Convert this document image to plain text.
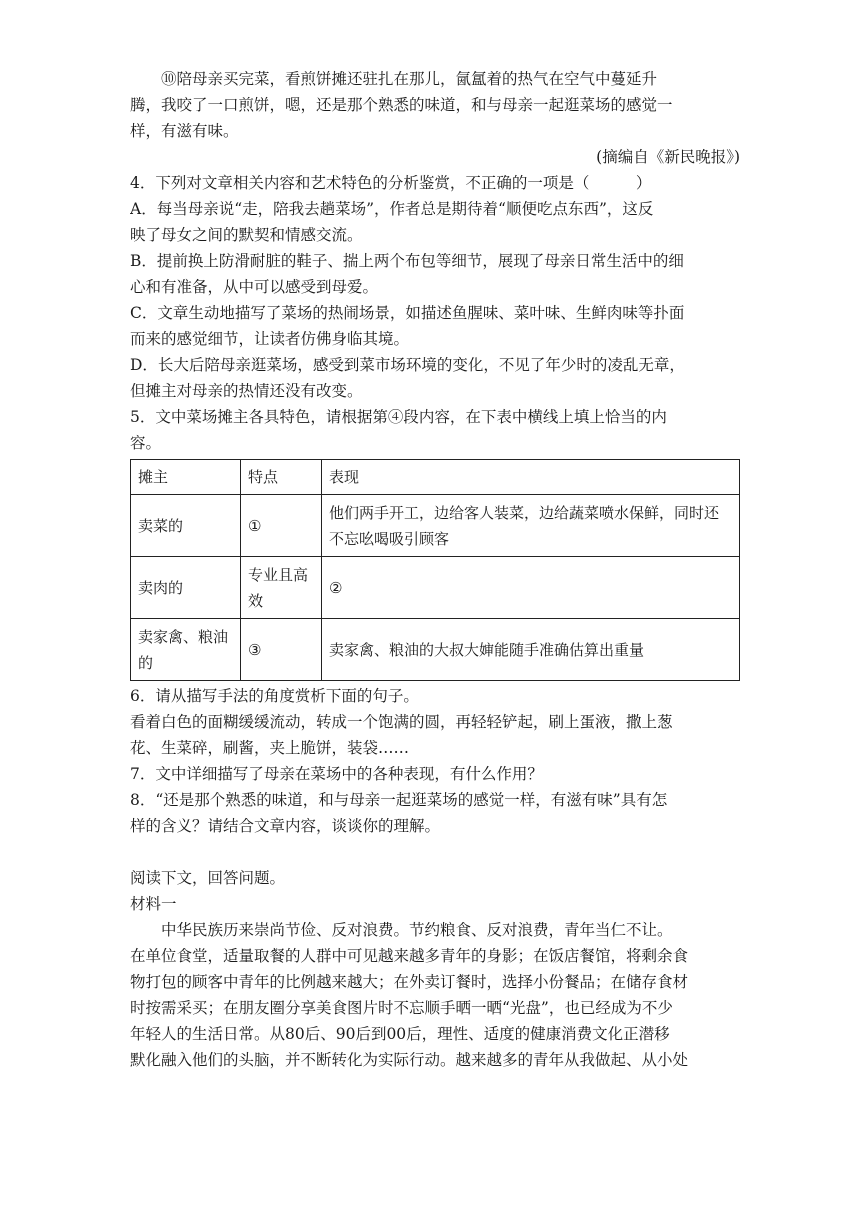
⑩陪母亲买完菜，看煎饼摊还驻扎在那儿，氤氲着的热气在空气中蔓延升
腾，我咬了一口煎饼，嗯，还是那个熟悉的味道，和与母亲一起逛菜场的感觉一
样，有滋有味。
(摘编自《新民晚报》)
4．下列对文章相关内容和艺术特色的分析鉴赏，不正确的一项是（　　　）
A．每当母亲说“走，陪我去趟菜场”，作者总是期待着“顺便吃点东西”，这反
映了母女之间的默契和情感交流。
B．提前换上防滑耐脏的鞋子、揣上两个布包等细节，展现了母亲日常生活中的细
心和有准备，从中可以感受到母爱。
C．文章生动地描写了菜场的热闹场景，如描述鱼腥味、菜叶味、生鲜肉味等扑面
而来的感觉细节，让读者仿佛身临其境。
D．长大后陪母亲逛菜场，感受到菜市场环境的变化，不见了年少时的凌乱无章，
但摊主对母亲的热情还没有改变。
5．文中菜场摊主各具特色，请根据第④段内容，在下表中横线上填上恰当的内
容。
摊主	特点	表现
卖菜的	①	他们两手开工，边给客人装菜，边给蔬菜喷水保鲜，同时还不忘吆喝吸引顾客
卖肉的	专业且高效	②
卖家禽、粮油的	③	卖家禽、粮油的大叔大婶能随手准确估算出重量
6．请从描写手法的角度赏析下面的句子。
看着白色的面糊缓缓流动，转成一个饱满的圆，再轻轻铲起，刷上蛋液，撒上葱
花、生菜碎，刷酱，夹上脆饼，装袋……
7．文中详细描写了母亲在菜场中的各种表现，有什么作用？
8．“还是那个熟悉的味道，和与母亲一起逛菜场的感觉一样，有滋有味”具有怎
样的含义？请结合文章内容，谈谈你的理解。
阅读下文，回答问题。
材料一
中华民族历来崇尚节俭、反对浪费。节约粮食、反对浪费，青年当仁不让。
在单位食堂，适量取餐的人群中可见越来越多青年的身影；在饭店餐馆，将剩余食
物打包的顾客中青年的比例越来越大；在外卖订餐时，选择小份餐品；在储存食材
时按需采买；在朋友圈分享美食图片时不忘顺手晒一晒“光盘”，也已经成为不少
年轻人的生活日常。从80后、90后到00后，理性、适度的健康消费文化正潜移
默化融入他们的头脑，并不断转化为实际行动。越来越多的青年从我做起、从小处
